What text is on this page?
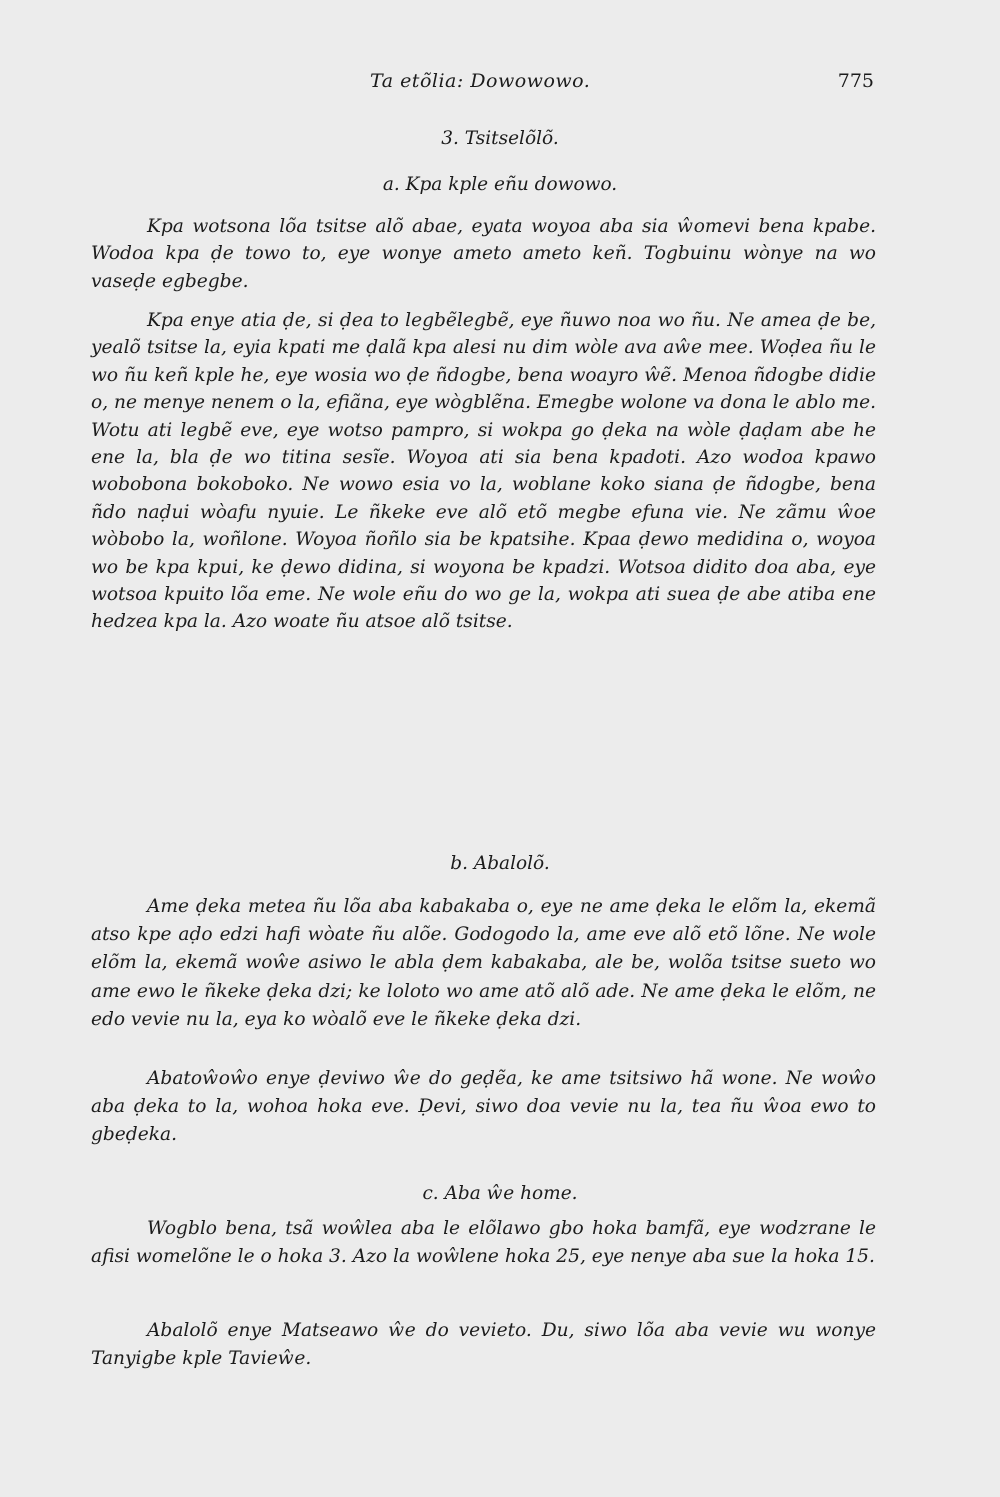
Ta etõlia: Dowowowo.	775
3. Tsitselõlõ.
a. Kpa kple eñu dowowo.

Kpa wotsona lõa tsitse alõ abae, eyata woyoa aba sia ŵomevi bena kpabe. Wodoa kpa ḍe towo to, eye wonye ameto ameto keñ. Togbuinu wònye na wo vaseḍe egbegbe.

Kpa enye atia ḍe, si ḍea to legbẽlegbẽ, eye ñuwo noa wo ñu. Ne amea ḍe be, yealõ tsitse la, eyia kpati me ḍalã kpa alesi nu dim wòle ava aŵe mee. Woḍea ñu le wo ñu keñ kple he, eye wosia wo ḍe ñdogbe, bena woayro ŵẽ. Menoa ñdogbe didie o, ne menye nenem o la, efiãna, eye wògblẽna. Emegbe wolone va dona le ablo me. Wotu ati legbẽ eve, eye wotso pampro, si wokpa go ḍeka na wòle ḍaḍam abe he ene la, bla ḍe wo titina sesĩe. Woyoa ati sia bena kpadoti. Azo wodoa kpawo wobobona bokoboko. Ne wowo esia vo la, woblane koko siana ḍe ñdogbe, bena ñdo naḍui wòafu nyuie. Le ñkeke eve alõ etõ megbe efuna vie. Ne zãmu ŵoe wòbobo la, woñlone. Woyoa ñoñlo sia be kpatsihe. Kpaa ḍewo medidina o, woyoa wo be kpa kpui, ke ḍewo didina, si woyona be kpadzi. Wotsoa didito doa aba, eye wotsoa kpuito lõa eme. Ne wole eñu do wo ge la, wokpa ati suea ḍe abe atiba ene hedzea kpa la. Azo woate ñu atsoe alõ tsitse.

b. Abalolõ.

Ame ḍeka metea ñu lõa aba kabakaba o, eye ne ame ḍeka le elõm la, ekemã atso kpe aḍo edzi hafi wòate ñu alõe. Godogodo la, ame eve alõ etõ lõne. Ne wole elõm la, ekemã woŵe asiwo le abla ḍem kabakaba, ale be, wolõa tsitse sueto wo ame ewo le ñkeke ḍeka dzi; ke loloto wo ame atõ alõ ade. Ne ame ḍeka le elõm, ne edo vevie nu la, eya ko wòalõ eve le ñkeke ḍeka dzi.

Abatoŵoŵo enye ḍeviwo ŵe do geḍẽa, ke ame tsitsiwo hã wone. Ne woŵo aba ḍeka to la, wohoa hoka eve. Ḍevi, siwo doa vevie nu la, tea ñu ŵoa ewo to gbeḍeka.

c. Aba ŵe home.

Wogblo bena, tsã woŵlea aba le elõlawo gbo hoka bamfã, eye wodzrane le afisi womelõne le o hoka 3. Azo la woŵlene hoka 25, eye nenye aba sue la hoka 15.

Abalolõ enye Matseawo ŵe do vevieto. Du, siwo lõa aba vevie wu wonye Tanyigbe kple Tavieŵe.
